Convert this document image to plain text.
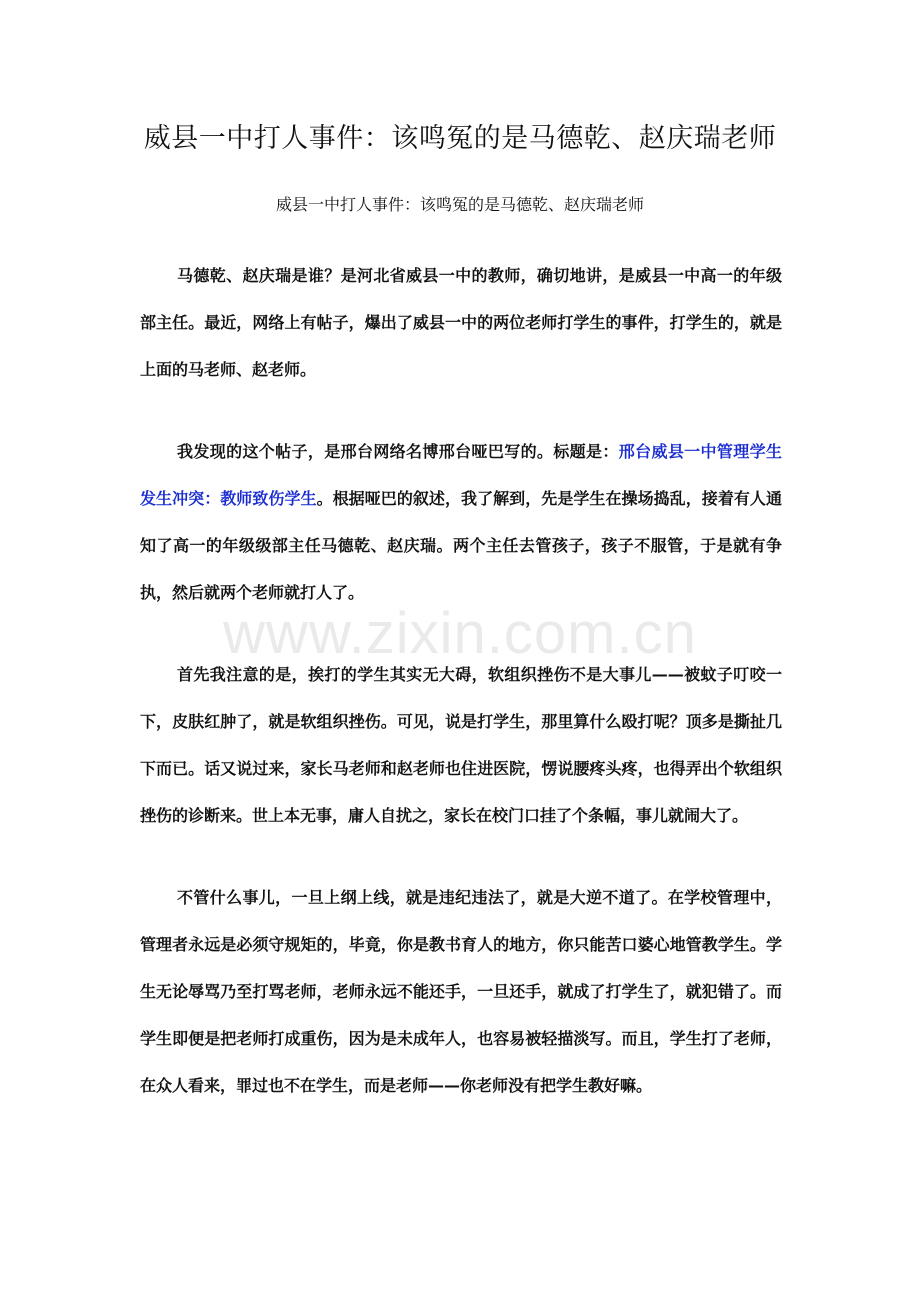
威县一中打人事件：该鸣冤的是马德乾、赵庆瑞老师
威县一中打人事件：该鸣冤的是马德乾、赵庆瑞老师

马德乾、赵庆瑞是谁？是河北省威县一中的教师，确切地讲，是威县一中高一的年级部主任。最近，网络上有帖子，爆出了威县一中的两位老师打学生的事件，打学生的，就是上面的马老师、赵老师。

我发现的这个帖子，是邢台网络名博邢台哑巴写的。标题是：邢台威县一中管理学生发生冲突：教师致伤学生。根据哑巴的叙述，我了解到，先是学生在操场捣乱，接着有人通知了高一的年级级部主任马德乾、赵庆瑞。两个主任去管孩子，孩子不服管，于是就有争执，然后就两个老师就打人了。

首先我注意的是，挨打的学生其实无大碍，软组织挫伤不是大事儿——被蚊子叮咬一下，皮肤红肿了，就是软组织挫伤。可见，说是打学生，那里算什么殴打呢？顶多是撕扯几下而已。话又说过来，家长马老师和赵老师也住进医院，愣说腰疼头疼，也得弄出个软组织挫伤的诊断来。世上本无事，庸人自扰之，家长在校门口挂了个条幅，事儿就闹大了。

不管什么事儿，一旦上纲上线，就是违纪违法了，就是大逆不道了。在学校管理中，管理者永远是必须守规矩的，毕竟，你是教书育人的地方，你只能苦口婆心地管教学生。学生无论辱骂乃至打骂老师，老师永远不能还手，一旦还手，就成了打学生了，就犯错了。而学生即便是把老师打成重伤，因为是未成年人，也容易被轻描淡写。而且，学生打了老师，在众人看来，罪过也不在学生，而是老师——你老师没有把学生教好嘛。

www.zixin.com.cn
